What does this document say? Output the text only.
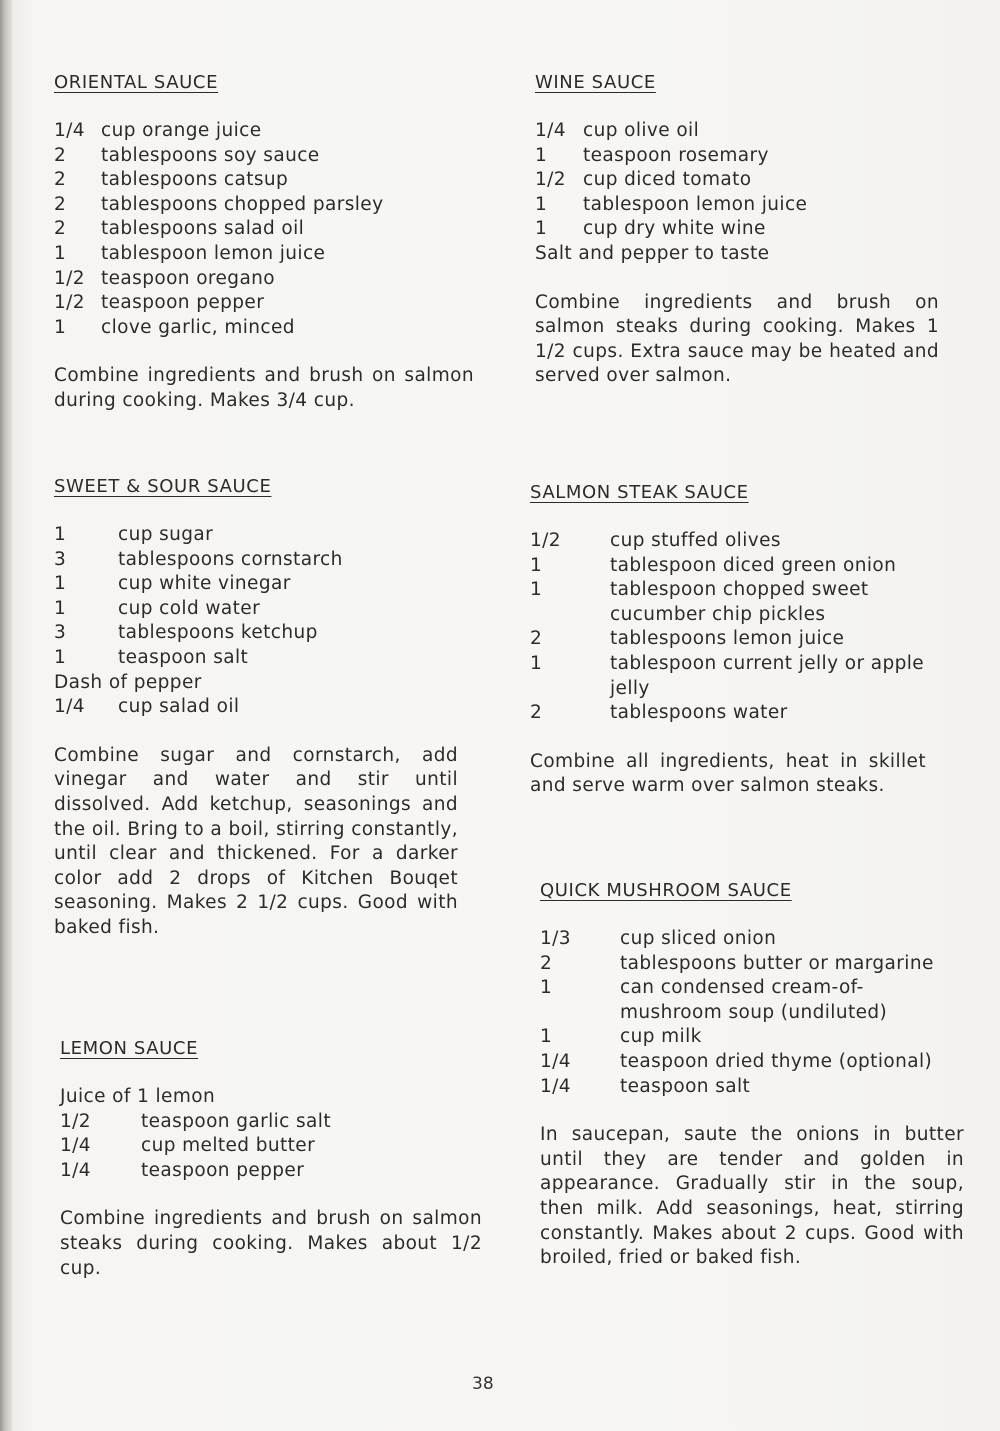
ORIENTAL SAUCE
1/4 cup orange juice
2	tablespoons soy sauce
2	tablespoons catsup
2	tablespoons chopped parsley
2	tablespoons salad oil
1	tablespoon lemon juice
1/2 teaspoon oregano
1/2 teaspoon pepper
1	clove garlic, minced
Combine ingredients and brush on salmon during cooking. Makes 3/4 cup.
SWEET & SOUR SAUCE
1	cup sugar
3	tablespoons cornstarch
1	cup white vinegar
1	cup cold water
3	tablespoons ketchup
1	teaspoon salt
Dash of pepper
1/4	cup salad oil
Combine sugar and cornstarch, add vinegar and water and stir until dissolved. Add ketchup, seasonings and the oil. Bring to a boil, stirring constantly, until clear and thickened. For a darker color add 2 drops of Kitchen Bouqet seasoning. Makes 2 1/2 cups. Good with baked fish.
LEMON SAUCE
Juice of 1 lemon
1/2	teaspoon garlic salt
1/4	cup melted butter
1/4	teaspoon pepper
Combine ingredients and brush on salmon steaks during cooking. Makes about 1/2 cup.
WINE SAUCE
1/4 cup olive oil
1	teaspoon rosemary
1/2 cup diced tomato
1	tablespoon lemon juice
1	cup dry white wine
Salt and pepper to taste
Combine ingredients and brush on salmon steaks during cooking. Makes 1 1/2 cups. Extra sauce may be heated and served over salmon.
SALMON STEAK SAUCE
1/2	cup stuffed olives
1	tablespoon diced green onion
1	tablespoon chopped sweet cucumber chip pickles
2	tablespoons lemon juice
1	tablespoon current jelly or apple jelly
2	tablespoons water
Combine all ingredients, heat in skillet and serve warm over salmon steaks.
QUICK MUSHROOM SAUCE
1/3	cup sliced onion
2	tablespoons butter or margarine
1	can condensed cream-of-mushroom soup (undiluted)
1	cup milk
1/4	teaspoon dried thyme (optional)
1/4	teaspoon salt
In saucepan, saute the onions in butter until they are tender and golden in appearance. Gradually stir in the soup, then milk. Add seasonings, heat, stirring constantly. Makes about 2 cups. Good with broiled, fried or baked fish.
38
